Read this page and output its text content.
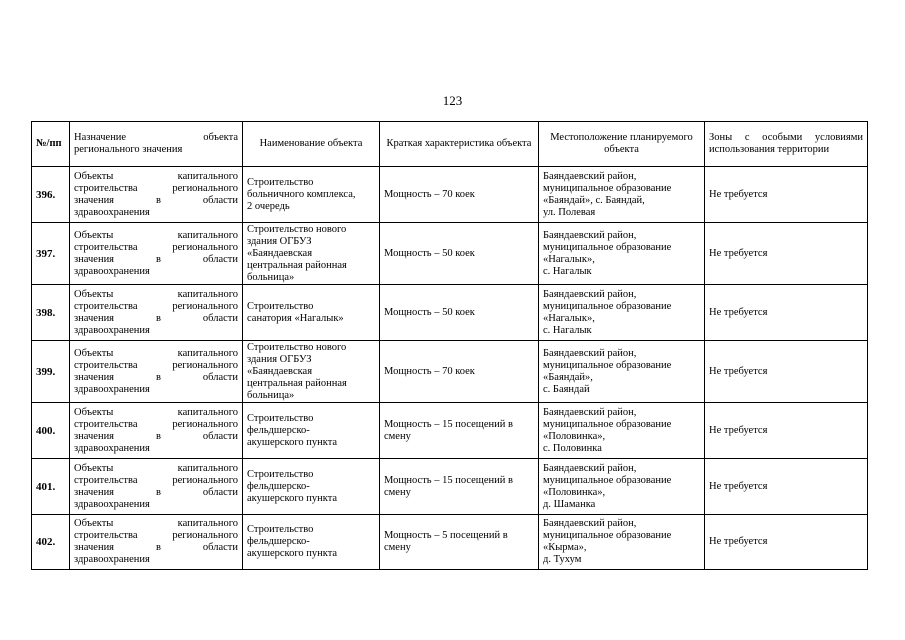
123
№/пп	Назначение объекта
регионального значения	Наименование объекта	Краткая характеристика объекта	Местоположение планируемого объекта	Зоны с особыми условиями
использования территории

396.	Объекты капитального
строительства регионального
значения в области
здравоохранения	Строительство
больничного комплекса,
2 очередь	Мощность – 70 коек	Баяндаевский район,
муниципальное образование
«Баяндай», с. Баяндай,
ул. Полевая	Не требуется
397.	Объекты капитального
строительства регионального
значения в области
здравоохранения	Строительство нового
здания ОГБУЗ
«Баяндаевская
центральная районная
больница»	Мощность – 50 коек	Баяндаевский район,
муниципальное образование
«Нагалык»,
с. Нагалык	Не требуется
398.	Объекты капитального
строительства регионального
значения в области
здравоохранения	Строительство
санатория «Нагалык»	Мощность – 50 коек	Баяндаевский район,
муниципальное образование
«Нагалык»,
с. Нагалык	Не требуется
399.	Объекты капитального
строительства регионального
значения в области
здравоохранения	Строительство нового
здания ОГБУЗ
«Баяндаевская
центральная районная
больница»	Мощность – 70 коек	Баяндаевский район,
муниципальное образование
«Баяндай»,
с. Баяндай	Не требуется
400.	Объекты капитального
строительства регионального
значения в области
здравоохранения	Строительство
фельдшерско-
акушерского пункта	Мощность – 15 посещений в
смену	Баяндаевский район,
муниципальное образование
«Половинка»,
с. Половинка	Не требуется
401.	Объекты капитального
строительства регионального
значения в области
здравоохранения	Строительство
фельдшерско-
акушерского пункта	Мощность – 15 посещений в
смену	Баяндаевский район,
муниципальное образование
«Половинка»,
д. Шаманка	Не требуется
402.	Объекты капитального
строительства регионального
значения в области
здравоохранения	Строительство
фельдшерско-
акушерского пункта	Мощность – 5 посещений в
смену	Баяндаевский район,
муниципальное образование
«Кырма»,
д. Тухум	Не требуется
